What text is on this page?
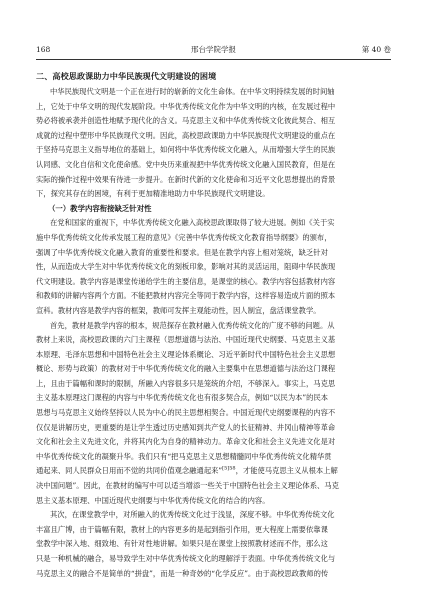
168	邢台学院学报	第 40 卷
二、高校思政课助力中华民族现代文明建设的困境
中华民族现代文明是一个正在进行时的崭新的文化生命体。在中华文明持续发展的时间轴
上，它处于中华文明的现代发展阶段。中华优秀传统文化作为中华文明的内核，在发展过程中
势必将被承袭并创造性地赋予现代化的含义。马克思主义和中华优秀传统文化彼此契合、相互
成就的过程中塑形中华民族现代文明。因此，高校思政课助力中华民族现代文明建设的重点在
于坚持马克思主义指导地位的基础上，如何将中华优秀传统文化融入，从而增强大学生的民族
认同感、文化自信和文化使命感。党中央历来重视把中华优秀传统文化融入国民教育，但是在
实际的操作过程中效果有待进一步提升。在新时代新的文化使命和习近平文化思想提出的背景
下，探究其存在的困境，有利于更加精准地助力中华民族现代文明建设。
（一）教学内容衔接缺乏针对性
在党和国家的重视下，中华优秀传统文化融入高校思政课取得了较大进展。例如《关于实
施中华优秀传统文化传承发展工程的意见》《完善中华优秀传统文化教育指导纲要》的颁布，
强调了中华优秀传统文化融入教育的重要性和要求。但是在教学内容上相对笼统，缺乏针对
性，从而造成大学生对中华优秀传统文化的刻板印象，影响对其的灵活运用，阻碍中华民族现
代文明建设。教学内容是课堂传递给学生的主要信息，是课堂的核心。教学内容包括教材内容
和教师的讲解内容两个方面。不能把教材内容完全等同于教学内容，这样容易造成片面的照本
宣科。教材内容是教学内容的框架，教师可发挥主观能动性，因人制宜，盘活课堂教学。
首先，教材是教学内容的根本，规范探存在教材融入优秀传统文化的广度不够的问题。从
教材上来说，高校思政课的六门主课程（思想道德与法治、中国近现代史纲要、马克思主义基
本原理、毛泽东思想和中国特色社会主义理论体系概论、习近平新时代中国特色社会主义思想
概论、形势与政策）的教材对于中华优秀传统文化的融入主要集中在思想道德与法治这门课程
上，且由于篇幅和课时的限制，所融入内容很多只是笼统的介绍，不够深入。事实上，马克思
主义基本原理这门课程的内容与中华优秀传统文化也有很多契合点，例如“以民为本”的民本
思想与马克思主义始终坚持以人民为中心的民主思想相契合。中国近现代史纲要课程的内容不
仅仅是讲解历史，更重要的是让学生透过历史感知到共产党人的长征精神、井冈山精神等革命
文化和社会主义先进文化，并将其内化为自身的精神动力。革命文化和社会主义先进文化是对
中华优秀传统文化的凝聚升华。我们只有“把马克思主义思想精髓同中华优秀传统文化精华贯
通起来、同人民群众日用而不觉的共同价值观念融通起来”$^{[5]58}$，才能使马克思主义从根本上解
决中国问题”。因此，在教材的编写中可以适当增添一些关于中国特色社会主义理论体系、马克
思主义基本原理、中国近现代史纲要与中华优秀传统文化的结合的内容。
其次，在课堂教学中，对所融入的优秀传统文化过于浅显，深度不够。中华优秀传统文化
丰富且广博，由于篇幅有限，教材上的内容更多的是起到指引作用，更大程度上需要依靠课
堂教学中深入地、细致地、有针对性地讲解。如果只是在课堂上按照教材述而不作，那么这
只是一种机械的融合，易导致学生对中华优秀传统文化的理解浮于表面。中华优秀传统文化与
马克思主义的融合不是简单的“拼盘”，而是一种奇妙的“化学反应”。由于高校思政教师的传
